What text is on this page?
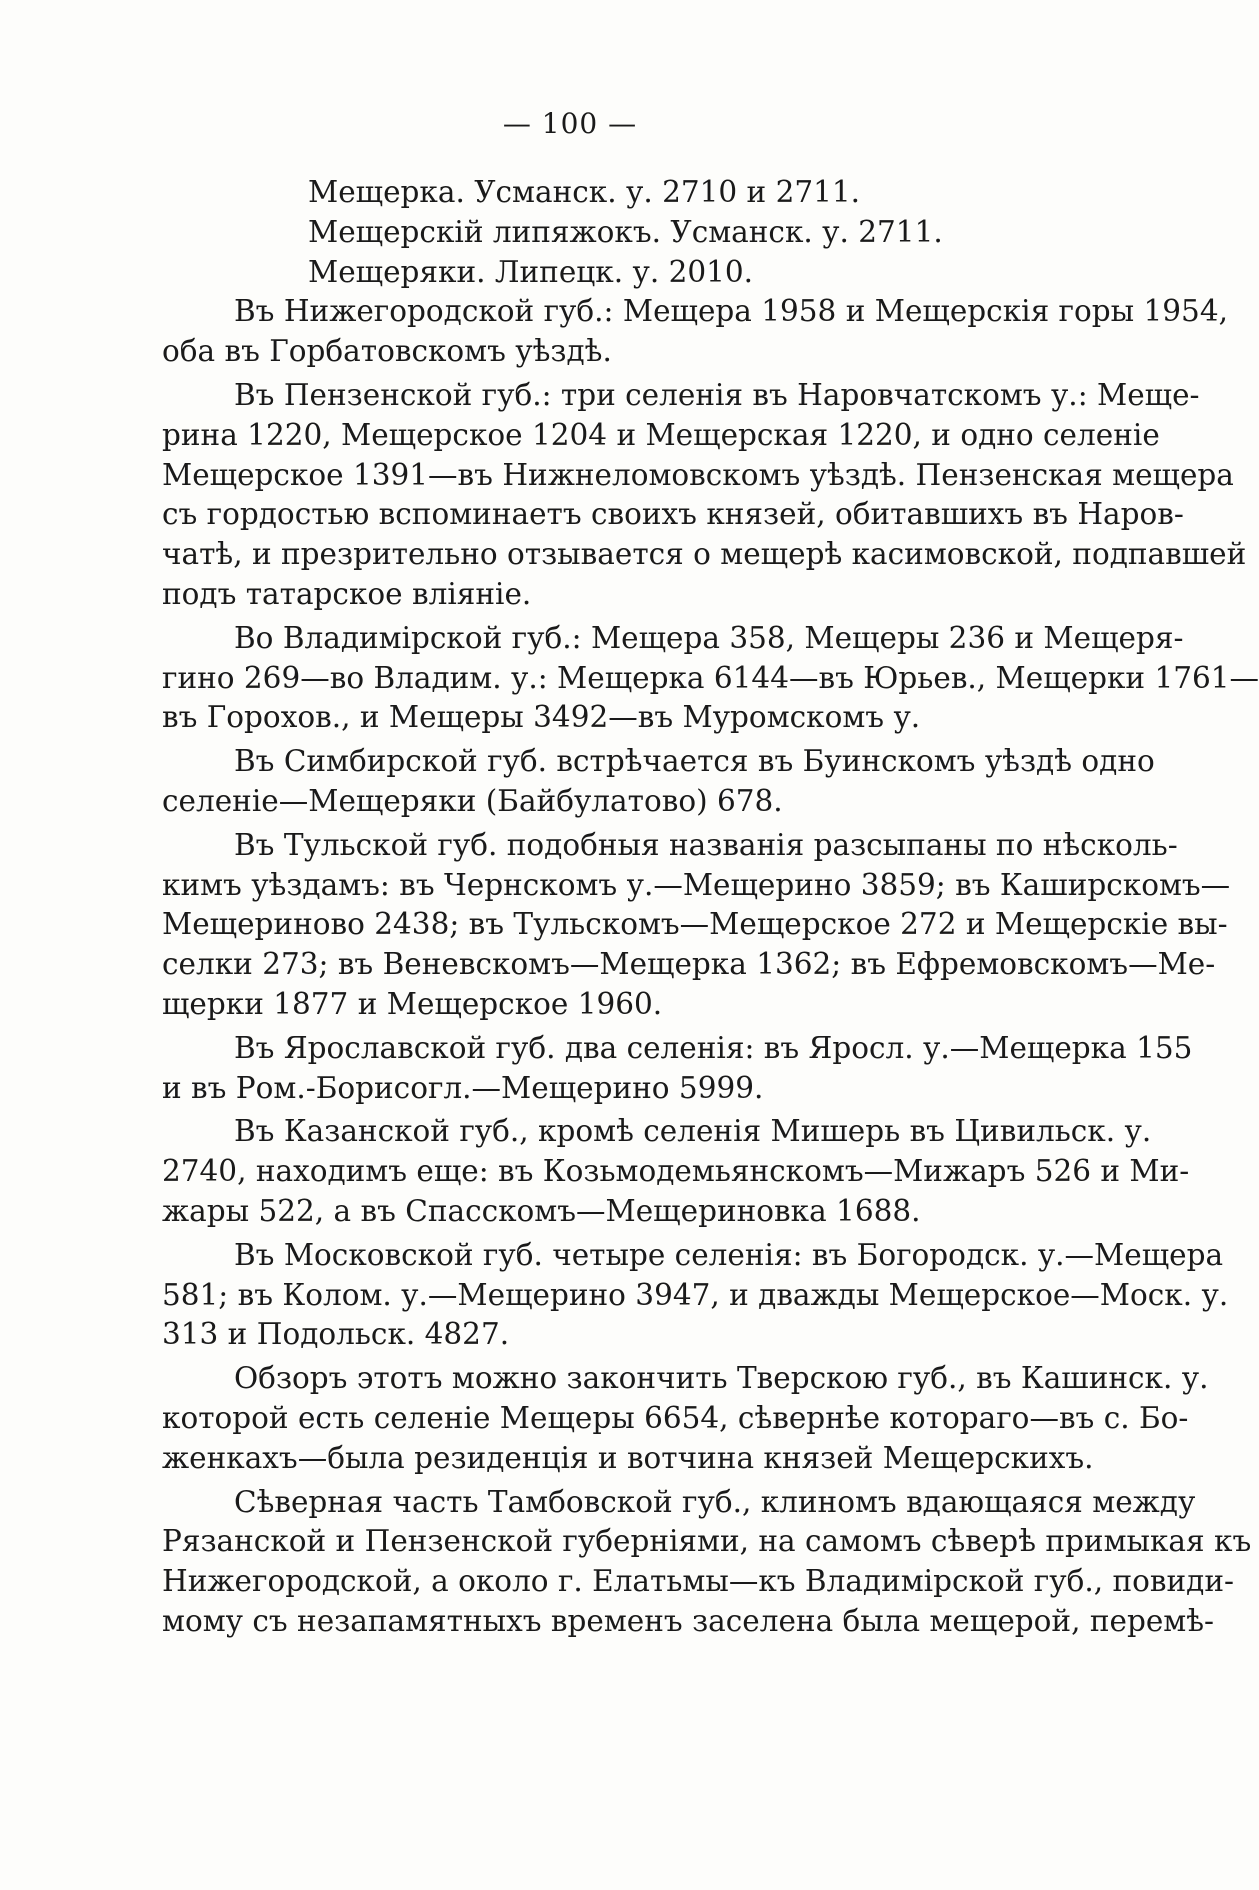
— 100 —
Мещерка. Усманск. у. 2710 и 2711.
Мещерскій липяжокъ. Усманск. у. 2711.
Мещеряки. Липецк. у. 2010.
Въ Нижегородской губ.: Мещера 1958 и Мещерскія горы 1954,
оба въ Горбатовскомъ уѣздѣ.
Въ Пензенской губ.: три селенія въ Наровчатскомъ у.: Меще-
рина 1220, Мещерское 1204 и Мещерская 1220, и одно селеніе
Мещерское 1391—въ Нижнеломовскомъ уѣздѣ. Пензенская мещера
съ гордостью вспоминаетъ своихъ князей, обитавшихъ въ Наров-
чатѣ, и презрительно отзывается о мещерѣ касимовской, подпавшей
подъ татарское вліяніе.
Во Владимірской губ.: Мещера 358, Мещеры 236 и Мещеря-
гино 269—во Владим. у.: Мещерка 6144—въ Юрьев., Мещерки 1761—
въ Горохов., и Мещеры 3492—въ Муромскомъ у.
Въ Симбирской губ. встрѣчается въ Буинскомъ уѣздѣ одно
селеніе—Мещеряки (Байбулатово) 678.
Въ Тульской губ. подобныя названія разсыпаны по нѣсколь-
кимъ уѣздамъ: въ Чернскомъ у.—Мещерино 3859; въ Каширскомъ—
Мещериново 2438; въ Тульскомъ—Мещерское 272 и Мещерскіе вы-
селки 273; въ Веневскомъ—Мещерка 1362; въ Ефремовскомъ—Ме-
щерки 1877 и Мещерское 1960.
Въ Ярославской губ. два селенія: въ Яросл. у.—Мещерка 155
и въ Ром.-Борисогл.—Мещерино 5999.
Въ Казанской губ., кромѣ селенія Мишерь въ Цивильск. у.
2740, находимъ еще: въ Козьмодемьянскомъ—Мижаръ 526 и Ми-
жары 522, а въ Спасскомъ—Мещериновка 1688.
Въ Московской губ. четыре селенія: въ Богородск. у.—Мещера
581; въ Колом. у.—Мещерино 3947, и дважды Мещерское—Моск. у.
313 и Подольск. 4827.
Обзоръ этотъ можно закончить Тверскою губ., въ Кашинск. у.
которой есть селеніе Мещеры 6654, сѣвернѣе котораго—въ с. Бо-
женкахъ—была резиденція и вотчина князей Мещерскихъ.
Сѣверная часть Тамбовской губ., клиномъ вдающаяся между
Рязанской и Пензенской губерніями, на самомъ сѣверѣ примыкая къ
Нижегородской, а около г. Елатьмы—къ Владимірской губ., повиди-
мому съ незапамятныхъ временъ заселена была мещерой, перемѣ-
